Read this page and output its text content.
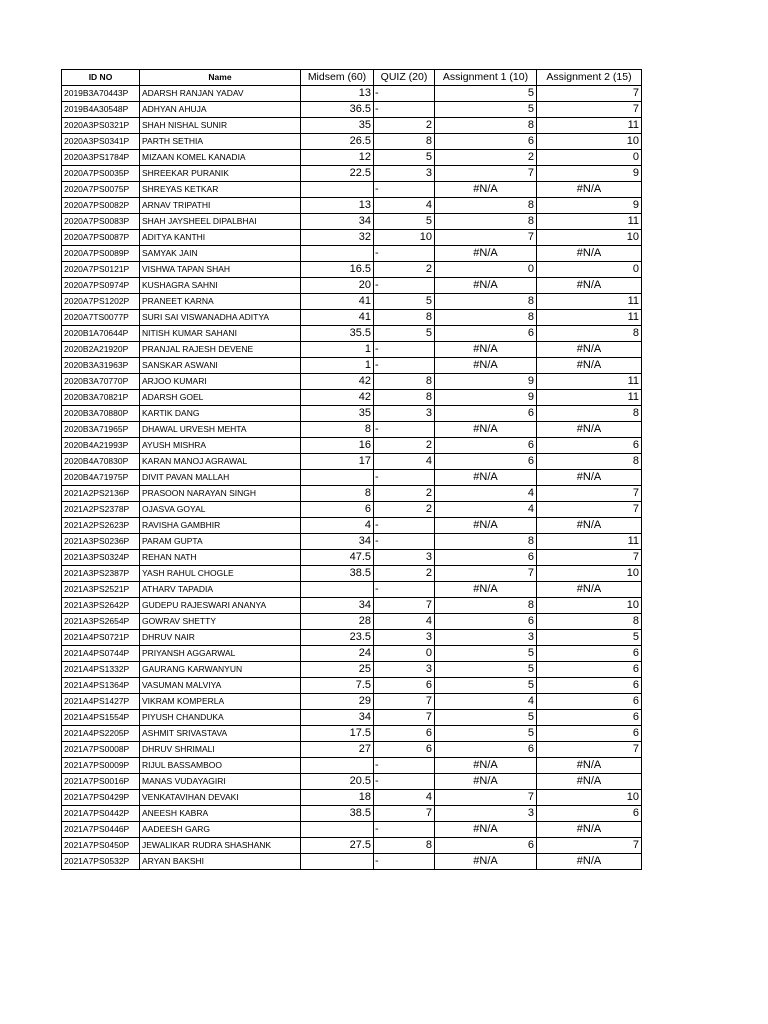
ID NO	Name	Midsem (60)	QUIZ (20)	Assignment 1 (10)	Assignment 2 (15)
2019B3A70443P	ADARSH RANJAN YADAV	13	-	5	7
2019B4A30548P	ADHYAN AHUJA	36.5	-	5	7
2020A3PS0321P	SHAH NISHAL SUNIR	35	2	8	11
2020A3PS0341P	PARTH SETHIA	26.5	8	6	10
2020A3PS1784P	MIZAAN KOMEL KANADIA	12	5	2	0
2020A7PS0035P	SHREEKAR PURANIK	22.5	3	7	9
2020A7PS0075P	SHREYAS KETKAR		-	#N/A	#N/A
2020A7PS0082P	ARNAV TRIPATHI	13	4	8	9
2020A7PS0083P	SHAH JAYSHEEL DIPALBHAI	34	5	8	11
2020A7PS0087P	ADITYA KANTHI	32	10	7	10
2020A7PS0089P	SAMYAK JAIN		-	#N/A	#N/A
2020A7PS0121P	VISHWA TAPAN SHAH	16.5	2	0	0
2020A7PS0974P	KUSHAGRA SAHNI	20	-	#N/A	#N/A
2020A7PS1202P	PRANEET KARNA	41	5	8	11
2020A7TS0077P	SURI SAI VISWANADHA ADITYA	41	8	8	11
2020B1A70644P	NITISH KUMAR SAHANI	35.5	5	6	8
2020B2A21920P	PRANJAL RAJESH DEVENE	1	-	#N/A	#N/A
2020B3A31963P	SANSKAR ASWANI	1	-	#N/A	#N/A
2020B3A70770P	ARJOO KUMARI	42	8	9	11
2020B3A70821P	ADARSH GOEL	42	8	9	11
2020B3A70880P	KARTIK DANG	35	3	6	8
2020B3A71965P	DHAWAL URVESH MEHTA	8	-	#N/A	#N/A
2020B4A21993P	AYUSH MISHRA	16	2	6	6
2020B4A70830P	KARAN MANOJ AGRAWAL	17	4	6	8
2020B4A71975P	DIVIT PAVAN MALLAH		-	#N/A	#N/A
2021A2PS2136P	PRASOON NARAYAN SINGH	8	2	4	7
2021A2PS2378P	OJASVA GOYAL	6	2	4	7
2021A2PS2623P	RAVISHA GAMBHIR	4	-	#N/A	#N/A
2021A3PS0236P	PARAM GUPTA	34	-	8	11
2021A3PS0324P	REHAN NATH	47.5	3	6	7
2021A3PS2387P	YASH RAHUL CHOGLE	38.5	2	7	10
2021A3PS2521P	ATHARV TAPADIA		-	#N/A	#N/A
2021A3PS2642P	GUDEPU RAJESWARI ANANYA	34	7	8	10
2021A3PS2654P	GOWRAV SHETTY	28	4	6	8
2021A4PS0721P	DHRUV NAIR	23.5	3	3	5
2021A4PS0744P	PRIYANSH AGGARWAL	24	0	5	6
2021A4PS1332P	GAURANG KARWANYUN	25	3	5	6
2021A4PS1364P	VASUMAN MALVIYA	7.5	6	5	6
2021A4PS1427P	VIKRAM KOMPERLA	29	7	4	6
2021A4PS1554P	PIYUSH CHANDUKA	34	7	5	6
2021A4PS2205P	ASHMIT SRIVASTAVA	17.5	6	5	6
2021A7PS0008P	DHRUV SHRIMALI	27	6	6	7
2021A7PS0009P	RIJUL BASSAMBOO		-	#N/A	#N/A
2021A7PS0016P	MANAS VUDAYAGIRI	20.5	-	#N/A	#N/A
2021A7PS0429P	VENKATAVIHAN DEVAKI	18	4	7	10
2021A7PS0442P	ANEESH KABRA	38.5	7	3	6
2021A7PS0446P	AADEESH GARG		-	#N/A	#N/A
2021A7PS0450P	JEWALIKAR RUDRA SHASHANK	27.5	8	6	7
2021A7PS0532P	ARYAN BAKSHI		-	#N/A	#N/A
